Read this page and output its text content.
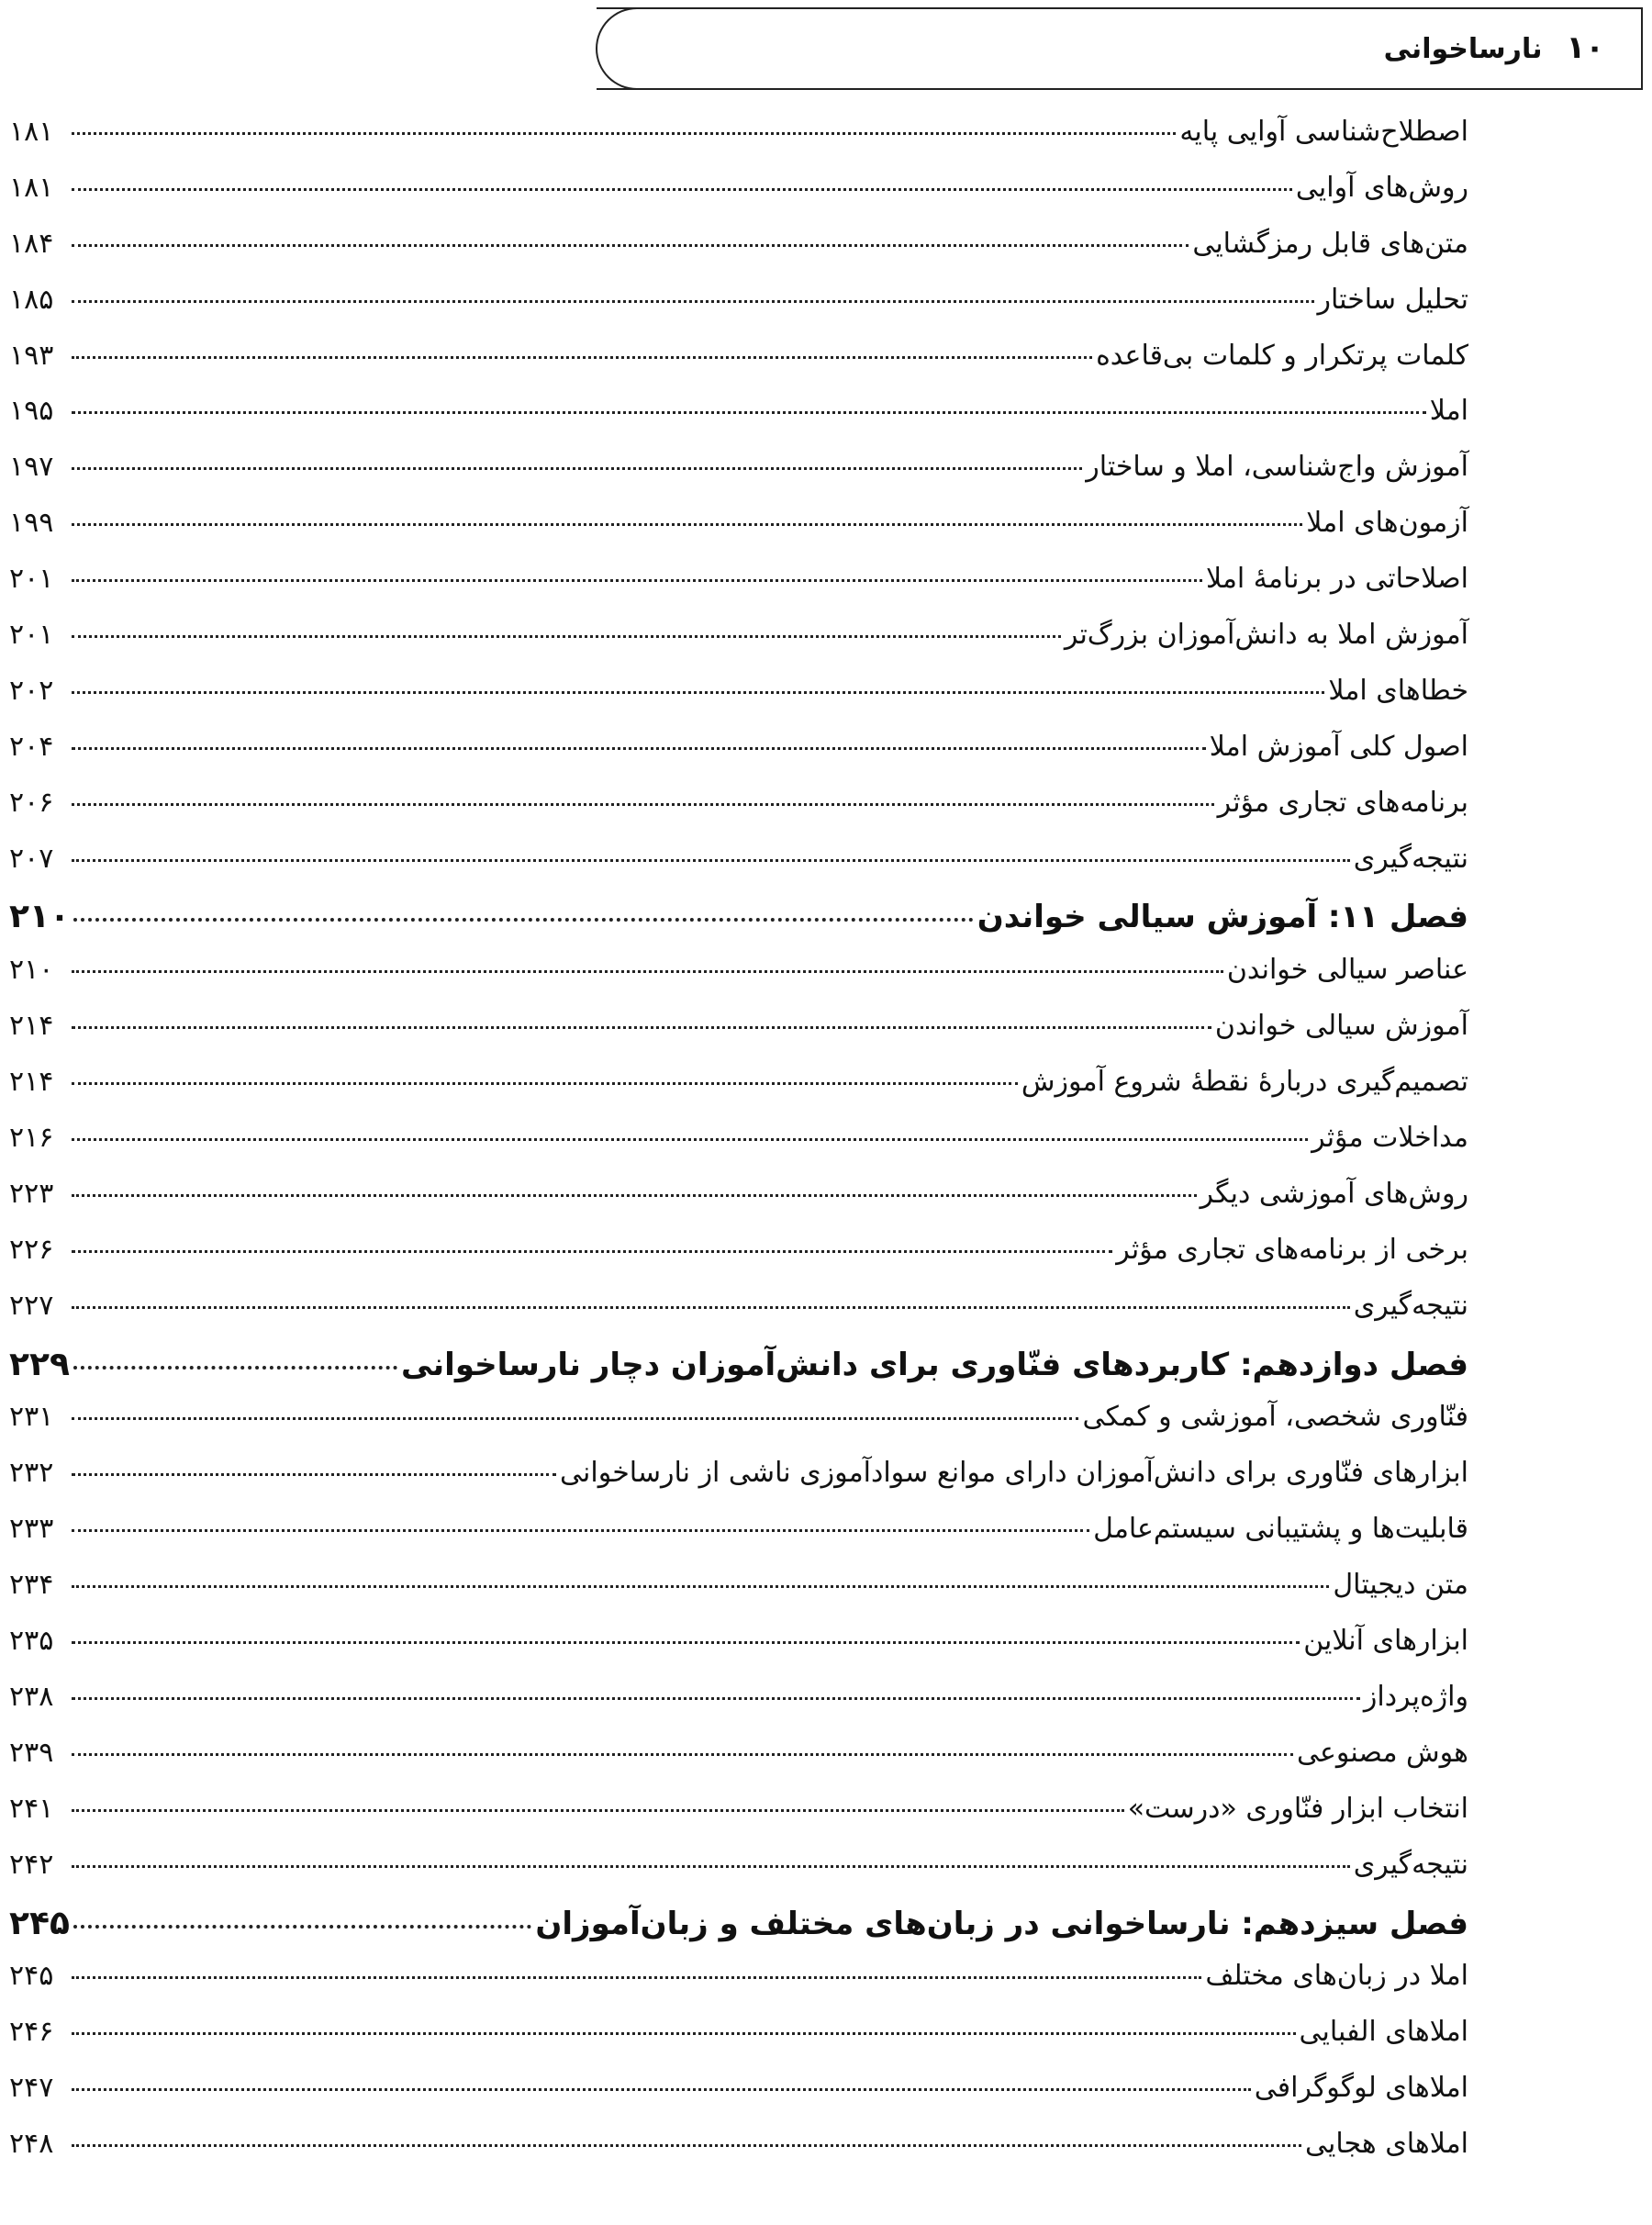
۱۰
نارساخوانی
اصطلاح‌شناسی آوایی پایه
۱۸۱
روش‌های آوایی
۱۸۱
متن‌های قابل رمزگشایی
۱۸۴
تحلیل ساختار
۱۸۵
کلمات پرتکرار و کلمات بی‌قاعده
۱۹۳
املا
۱۹۵
آموزش واج‌شناسی، املا و ساختار
۱۹۷
آزمون‌های املا
۱۹۹
اصلاحاتی در برنامهٔ املا
۲۰۱
آموزش املا به دانش‌آموزان بزرگ‌تر
۲۰۱
خطاهای املا
۲۰۲
اصول کلی آموزش املا
۲۰۴
برنامه‌های تجاری مؤثر
۲۰۶
نتیجه‌گیری
۲۰۷
فصل ۱۱: آموزش سیالی خواندن
۲۱۰
عناصر سیالی خواندن
۲۱۰
آموزش سیالی خواندن
۲۱۴
تصمیم‌گیری دربارهٔ نقطهٔ شروع آموزش
۲۱۴
مداخلات مؤثر
۲۱۶
روش‌های آموزشی دیگر
۲۲۳
برخی از برنامه‌های تجاری مؤثر
۲۲۶
نتیجه‌گیری
۲۲۷
فصل دوازدهم: کاربردهای فنّاوری برای دانش‌آموزان دچار نارساخوانی
۲۲۹
فنّاوری شخصی، آموزشی و کمکی
۲۳۱
ابزارهای فنّاوری برای دانش‌آموزان دارای موانع سوادآموزی ناشی از نارساخوانی
۲۳۲
قابلیت‌ها و پشتیبانی سیستم‌عامل
۲۳۳
متن دیجیتال
۲۳۴
ابزارهای آنلاین
۲۳۵
واژه‌پرداز
۲۳۸
هوش مصنوعی
۲۳۹
انتخاب ابزار فنّاوری «درست»
۲۴۱
نتیجه‌گیری
۲۴۲
فصل سیزدهم: نارساخوانی در زبان‌های مختلف و زبان‌آموزان
۲۴۵
املا در زبان‌های مختلف
۲۴۵
املاهای الفبایی
۲۴۶
املاهای لوگوگرافی
۲۴۷
املاهای هجایی
۲۴۸
